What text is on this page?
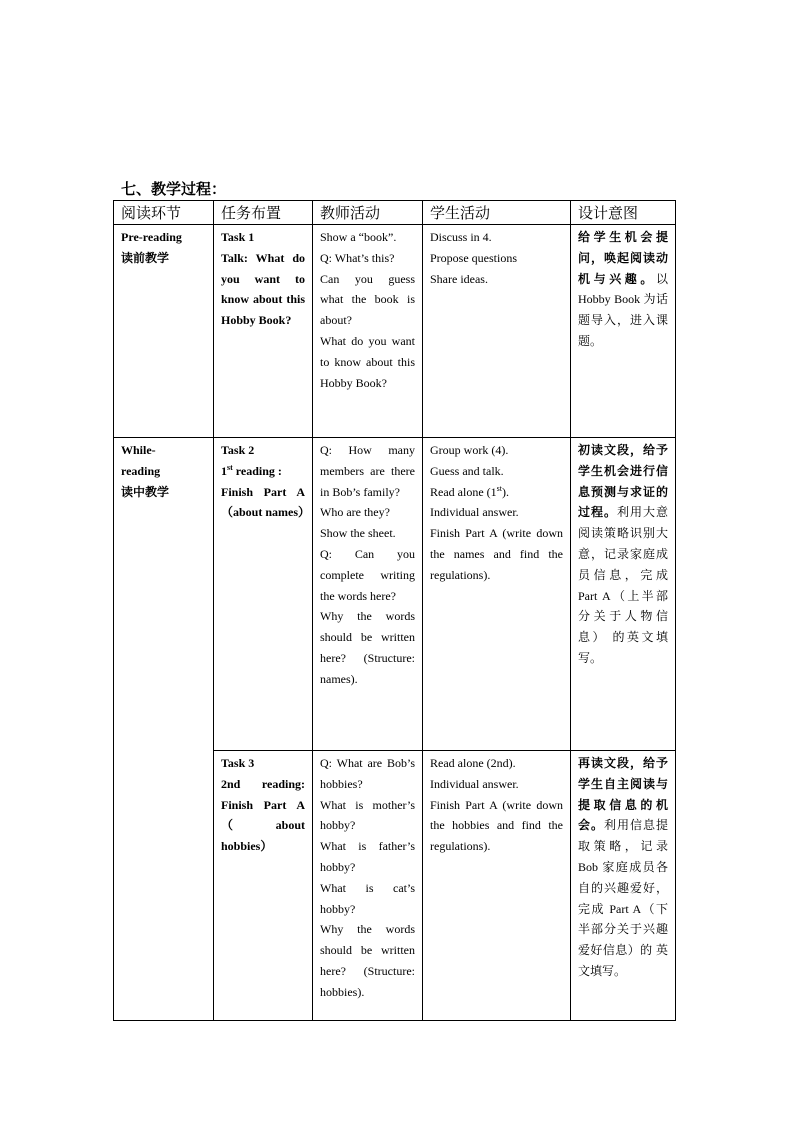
七、教学过程：
阅读环节	任务布置	教师活动	学生活动	设计意图
Pre-reading
读前教学	Task 1
Talk: What do you want to know about this Hobby Book?	Show a “book”.
Q: What’s this?
Can you guess what the book is about?
What do you want to know about this Hobby Book?	Discuss in 4.
Propose questions
Share ideas.	给学生机会提问，唤起阅读动机与兴趣。以 Hobby Book 为话题导入，进入课题。
While-
reading
读中教学	Task 2
1st reading :
Finish Part A （about names）	Q: How many members are there in Bob’s family?
Who are they?
Show the sheet.
Q: Can you complete writing the words here?
Why the words should be written here? (Structure: names).	Group work (4).
Guess and talk.
Read alone (1st).
Individual answer.
Finish Part A (write down the names and find the regulations).	初读文段，给予学生机会进行信息预测与求证的过程。利用大意阅读策略识别大意，记录家庭成员信息，完成 Part A（上半部分关于人物信息） 的英文填写。

	Task 3
2nd reading: Finish Part A （about hobbies）	Q: What are Bob’s hobbies?
What is mother’s hobby?
What is father’s hobby?
What is cat’s hobby?
Why the words should be written here? (Structure: hobbies).	Read alone (2nd).
Individual answer.
Finish Part A (write down the hobbies and find the regulations).	再读文段，给予学生自主阅读与提取信息的机会。利用信息提取策略，记录 Bob 家庭成员各自的兴趣爱好，完成 Part A（下半部分关于兴趣爱好信息）的 英文填写。
